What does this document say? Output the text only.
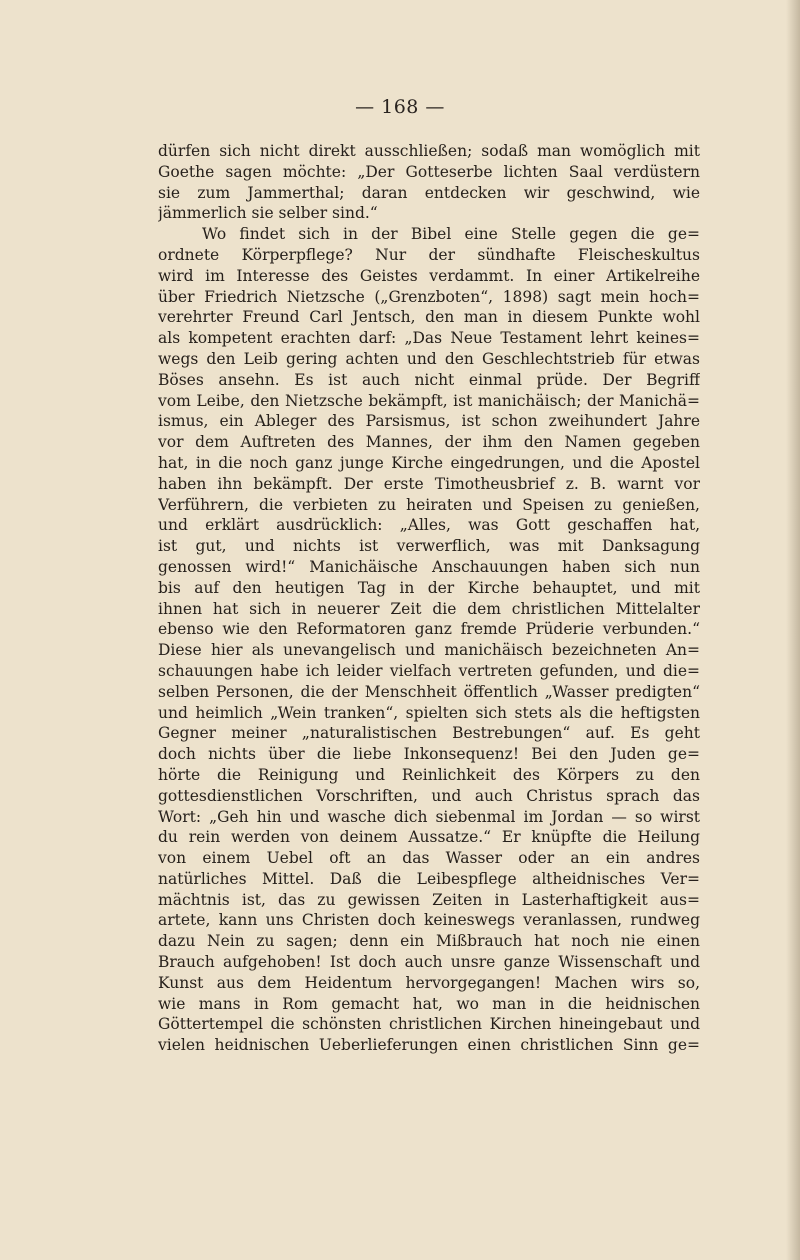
— 168 —
dürfen sich nicht direkt ausschließen; sodaß man womöglich mit
Goethe sagen möchte: „Der Gotteserbe lichten Saal verdüstern
sie zum Jammerthal; daran entdecken wir geschwind, wie
jämmerlich sie selber sind.“
Wo findet sich in der Bibel eine Stelle gegen die ge=
ordnete Körperpflege? Nur der sündhafte Fleischeskultus
wird im Interesse des Geistes verdammt. In einer Artikelreihe
über Friedrich Nietzsche („Grenzboten“, 1898) sagt mein hoch=
verehrter Freund Carl Jentsch, den man in diesem Punkte wohl
als kompetent erachten darf: „Das Neue Testament lehrt keines=
wegs den Leib gering achten und den Geschlechtstrieb für etwas
Böses ansehn. Es ist auch nicht einmal prüde. Der Begriff
vom Leibe, den Nietzsche bekämpft, ist manichäisch; der Manichä=
ismus, ein Ableger des Parsismus, ist schon zweihundert Jahre
vor dem Auftreten des Mannes, der ihm den Namen gegeben
hat, in die noch ganz junge Kirche eingedrungen, und die Apostel
haben ihn bekämpft. Der erste Timotheusbrief z. B. warnt vor
Verführern, die verbieten zu heiraten und Speisen zu genießen,
und erklärt ausdrücklich: „Alles, was Gott geschaffen hat,
ist gut, und nichts ist verwerflich, was mit Danksagung
genossen wird!“ Manichäische Anschauungen haben sich nun
bis auf den heutigen Tag in der Kirche behauptet, und mit
ihnen hat sich in neuerer Zeit die dem christlichen Mittelalter
ebenso wie den Reformatoren ganz fremde Prüderie verbunden.“
Diese hier als unevangelisch und manichäisch bezeichneten An=
schauungen habe ich leider vielfach vertreten gefunden, und die=
selben Personen, die der Menschheit öffentlich „Wasser predigten“
und heimlich „Wein tranken“, spielten sich stets als die heftigsten
Gegner meiner „naturalistischen Bestrebungen“ auf. Es geht
doch nichts über die liebe Inkonsequenz! Bei den Juden ge=
hörte die Reinigung und Reinlichkeit des Körpers zu den
gottesdienstlichen Vorschriften, und auch Christus sprach das
Wort: „Geh hin und wasche dich siebenmal im Jordan — so wirst
du rein werden von deinem Aussatze.“ Er knüpfte die Heilung
von einem Uebel oft an das Wasser oder an ein andres
natürliches Mittel. Daß die Leibespflege altheidnisches Ver=
mächtnis ist, das zu gewissen Zeiten in Lasterhaftigkeit aus=
artete, kann uns Christen doch keineswegs veranlassen, rundweg
dazu Nein zu sagen; denn ein Mißbrauch hat noch nie einen
Brauch aufgehoben! Ist doch auch unsre ganze Wissenschaft und
Kunst aus dem Heidentum hervorgegangen! Machen wirs so,
wie mans in Rom gemacht hat, wo man in die heidnischen
Göttertempel die schönsten christlichen Kirchen hineingebaut und
vielen heidnischen Ueberlieferungen einen christlichen Sinn ge=
